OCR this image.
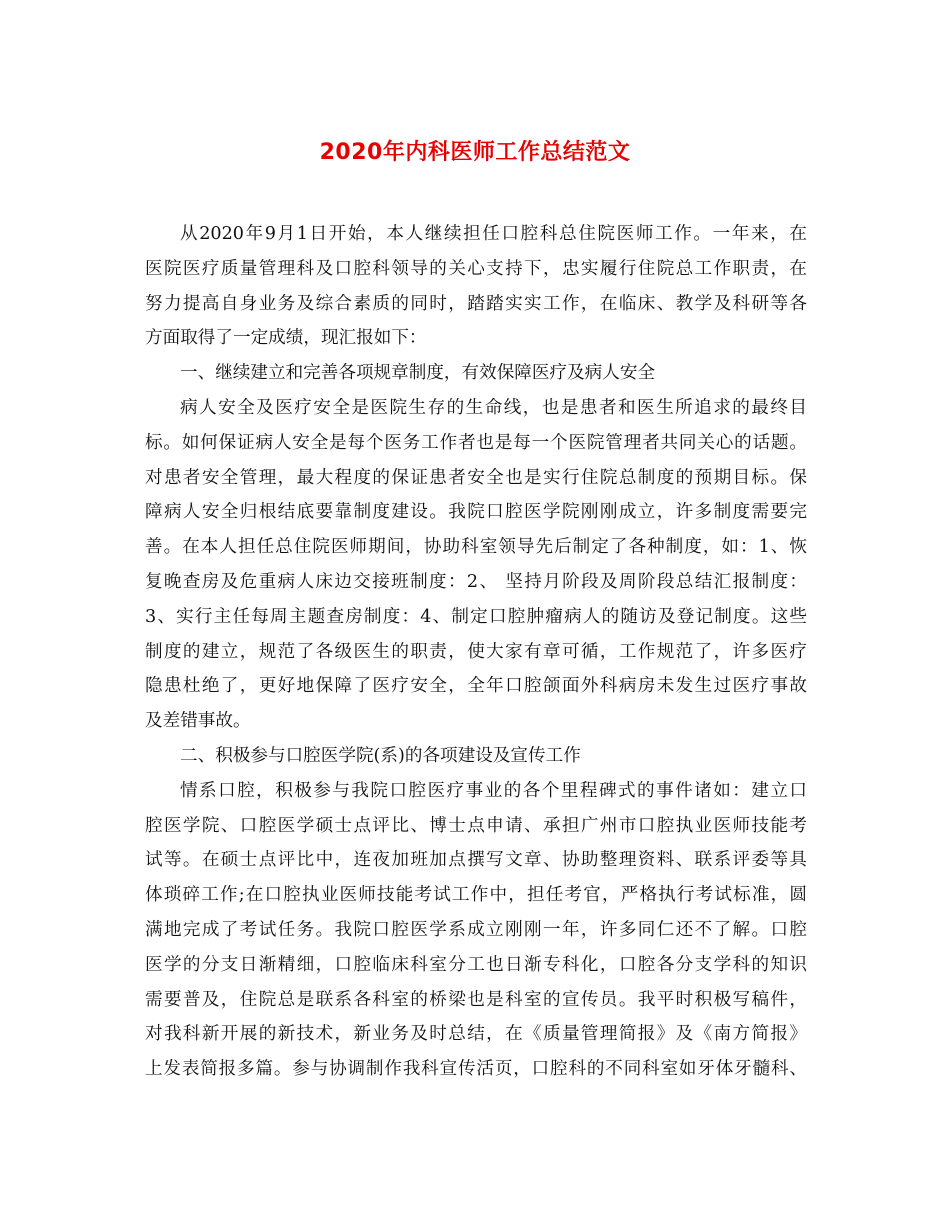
2020年内科医师工作总结范文
从2020年9月1日开始，本人继续担任口腔科总住院医师工作。一年来，在
医院医疗质量管理科及口腔科领导的关心支持下，忠实履行住院总工作职责，在
努力提高自身业务及综合素质的同时，踏踏实实工作，在临床、教学及科研等各
方面取得了一定成绩，现汇报如下：
一、继续建立和完善各项规章制度，有效保障医疗及病人安全
病人安全及医疗安全是医院生存的生命线，也是患者和医生所追求的最终目
标。如何保证病人安全是每个医务工作者也是每一个医院管理者共同关心的话题。
对患者安全管理，最大程度的保证患者安全也是实行住院总制度的预期目标。保
障病人安全归根结底要靠制度建设。我院口腔医学院刚刚成立，许多制度需要完
善。在本人担任总住院医师期间，协助科室领导先后制定了各种制度，如：1、恢
复晚查房及危重病人床边交接班制度：2、 坚持月阶段及周阶段总结汇报制度：
3、实行主任每周主题查房制度：4、制定口腔肿瘤病人的随访及登记制度。这些
制度的建立，规范了各级医生的职责，使大家有章可循，工作规范了，许多医疗
隐患杜绝了，更好地保障了医疗安全，全年口腔颌面外科病房未发生过医疗事故
及差错事故。
二、积极参与口腔医学院(系)的各项建设及宣传工作
情系口腔，积极参与我院口腔医疗事业的各个里程碑式的事件诸如：建立口
腔医学院、口腔医学硕士点评比、博士点申请、承担广州市口腔执业医师技能考
试等。在硕士点评比中，连夜加班加点撰写文章、协助整理资料、联系评委等具
体琐碎工作;在口腔执业医师技能考试工作中，担任考官，严格执行考试标准，圆
满地完成了考试任务。我院口腔医学系成立刚刚一年，许多同仁还不了解。口腔
医学的分支日渐精细，口腔临床科室分工也日渐专科化，口腔各分支学科的知识
需要普及，住院总是联系各科室的桥梁也是科室的宣传员。我平时积极写稿件，
对我科新开展的新技术，新业务及时总结，在《质量管理简报》及《南方简报》
上发表简报多篇。参与协调制作我科宣传活页，口腔科的不同科室如牙体牙髓科、
